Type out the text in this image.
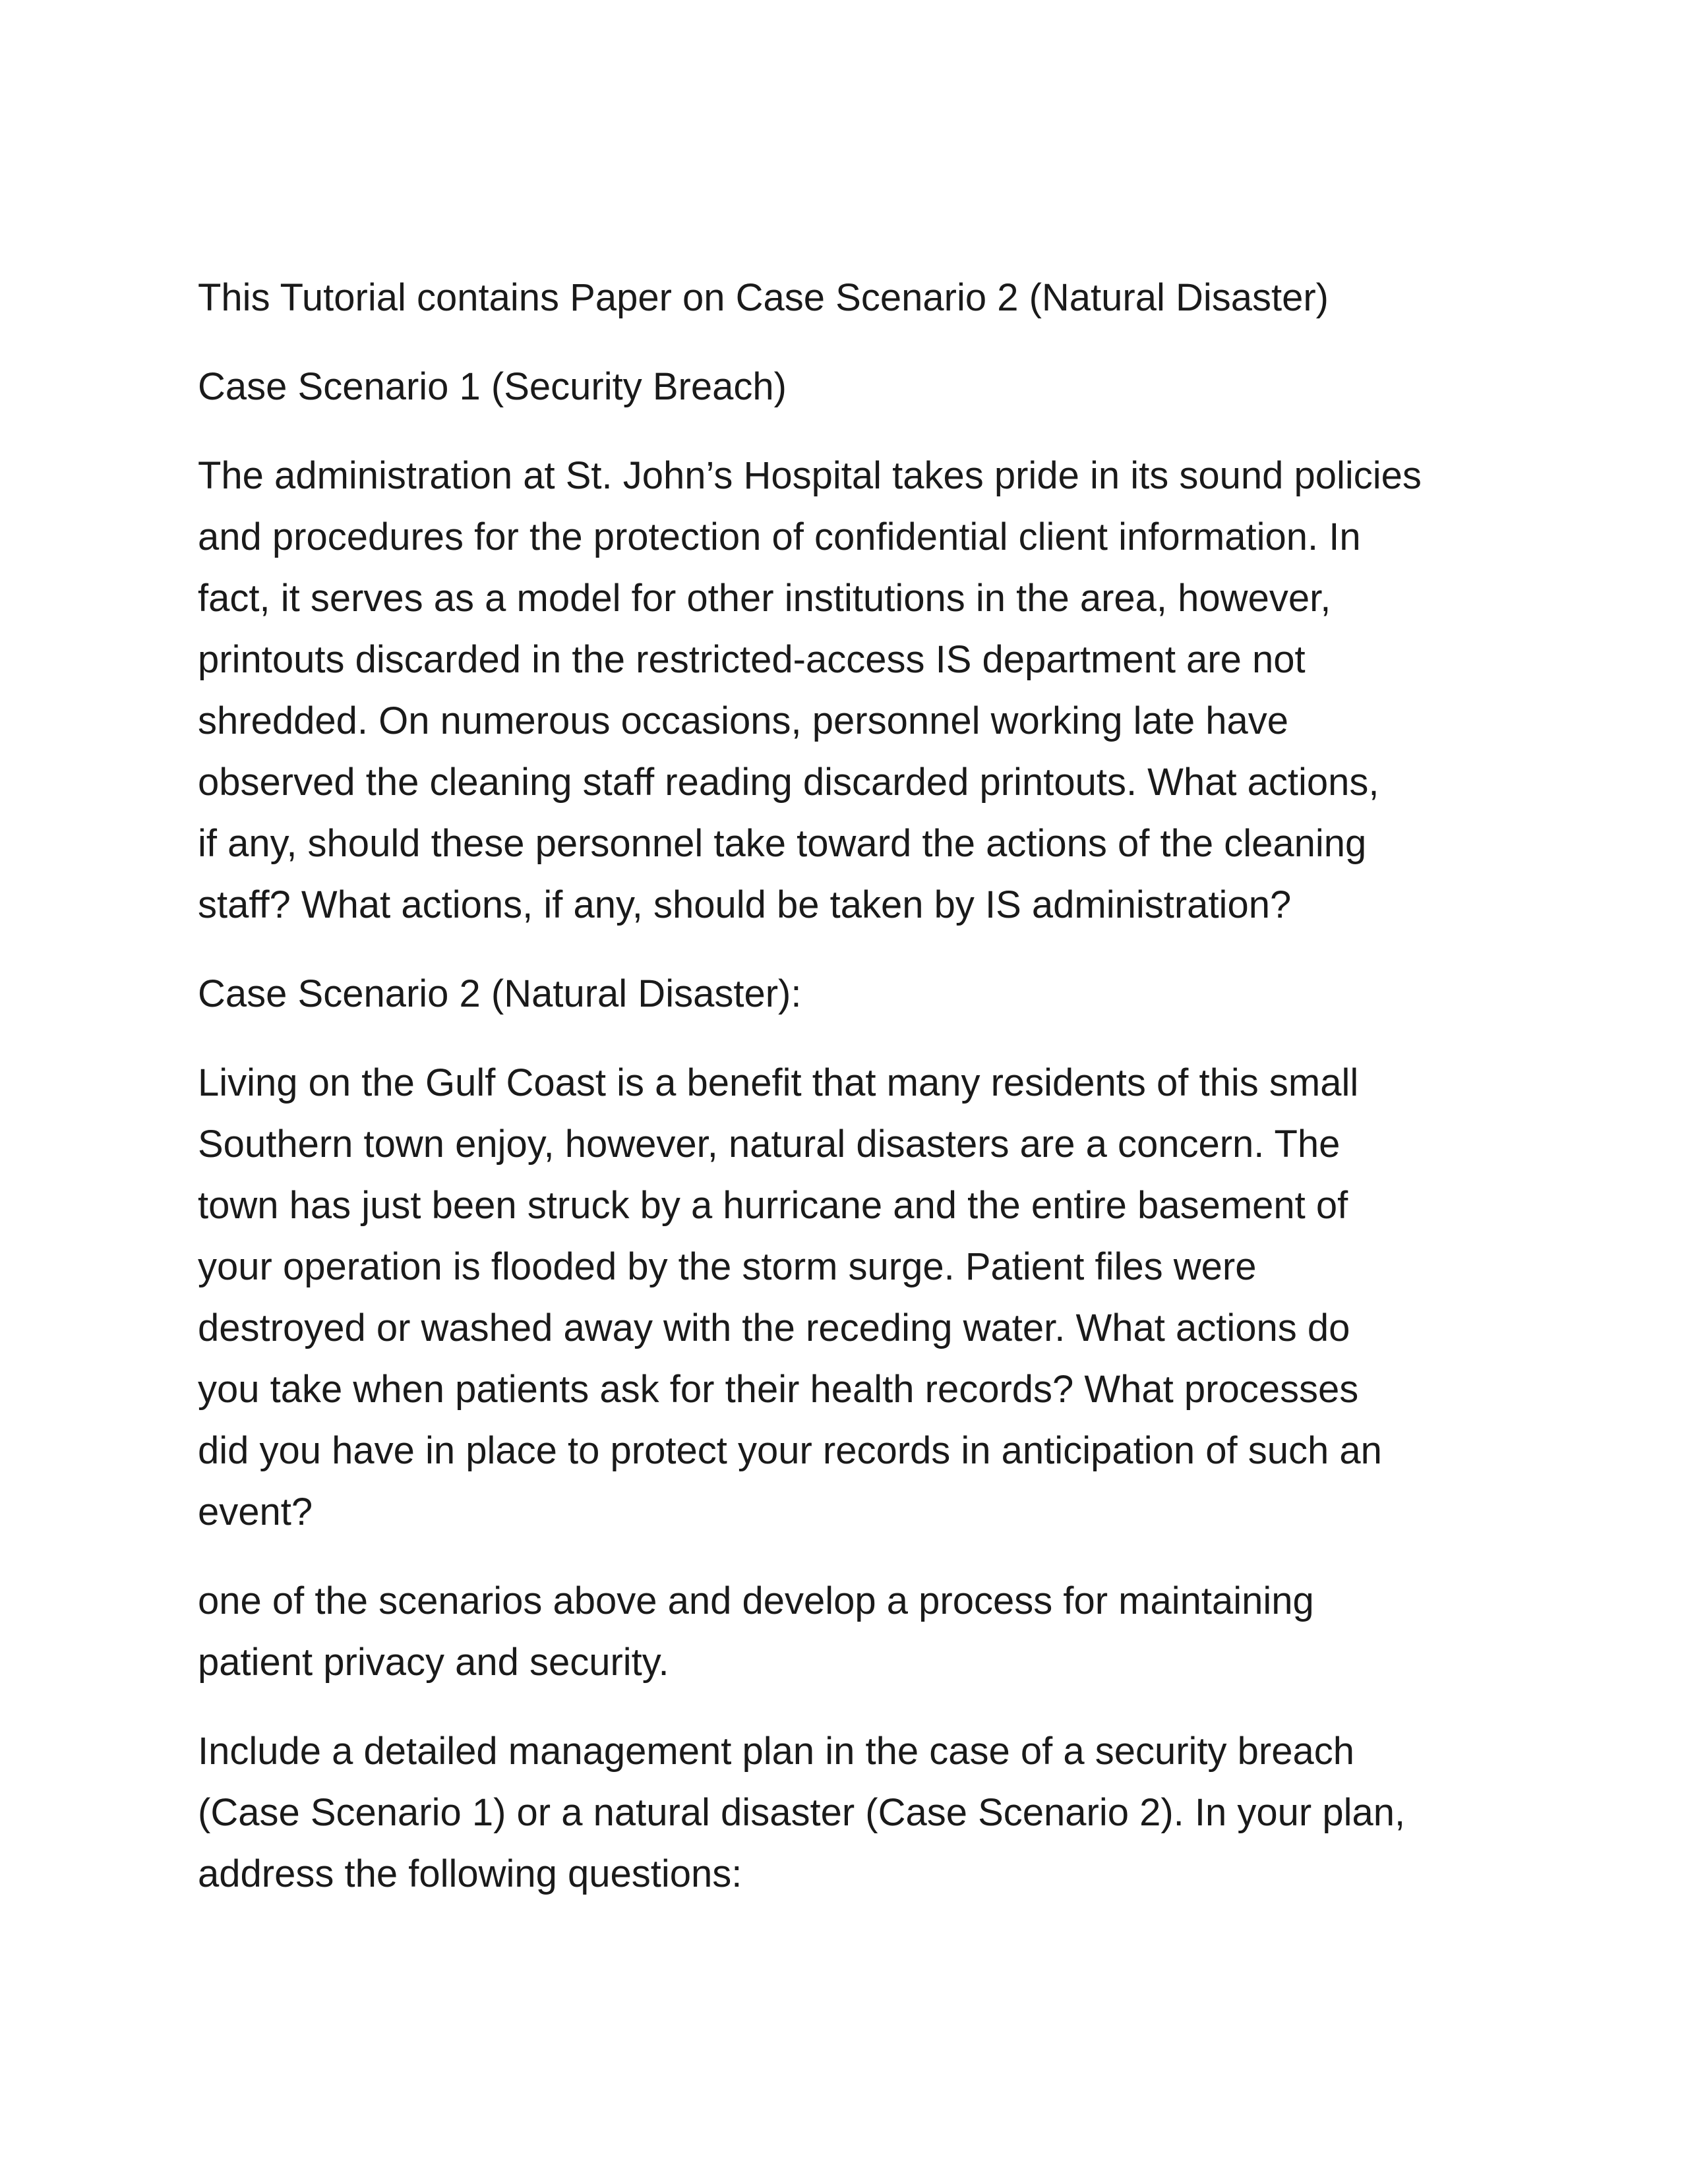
This Tutorial contains Paper on Case Scenario 2 (Natural Disaster)

Case Scenario 1 (Security Breach)

The administration at St. John’s Hospital takes pride in its sound policies
and procedures for the protection of confidential client information. In
fact, it serves as a model for other institutions in the area, however,
printouts discarded in the restricted-access IS department are not
shredded. On numerous occasions, personnel working late have
observed the cleaning staff reading discarded printouts. What actions,
if any, should these personnel take toward the actions of the cleaning
staff? What actions, if any, should be taken by IS administration?

Case Scenario 2 (Natural Disaster):

Living on the Gulf Coast is a benefit that many residents of this small
Southern town enjoy, however, natural disasters are a concern. The
town has just been struck by a hurricane and the entire basement of
your operation is flooded by the storm surge. Patient files were
destroyed or washed away with the receding water. What actions do
you take when patients ask for their health records? What processes
did you have in place to protect your records in anticipation of such an
event?

one of the scenarios above and develop a process for maintaining
patient privacy and security.

Include a detailed management plan in the case of a security breach
(Case Scenario 1) or a natural disaster (Case Scenario 2). In your plan,
address the following questions:
